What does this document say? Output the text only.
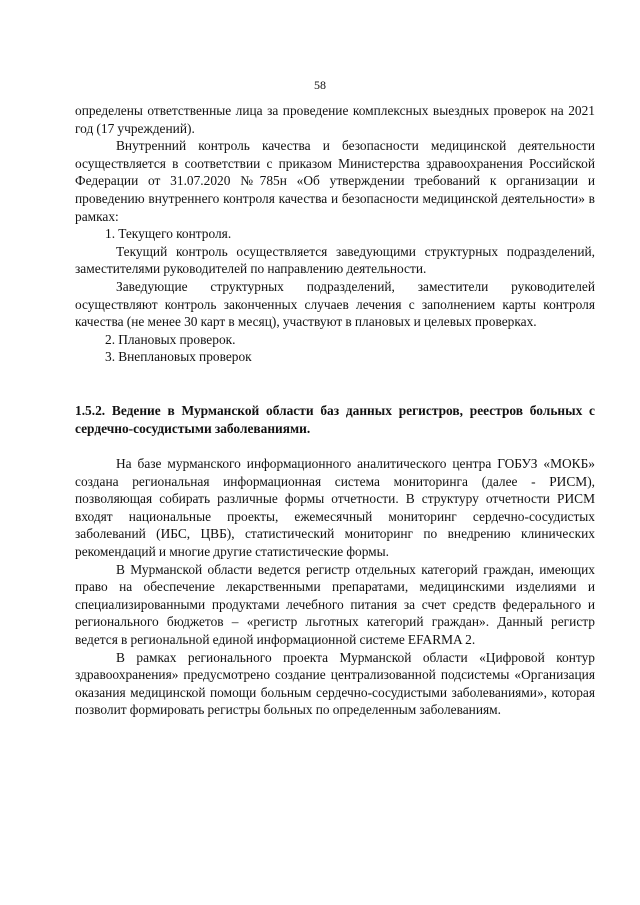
58

определены ответственные лица за проведение комплексных выездных проверок на 2021 год (17 учреждений).

Внутренний контроль качества и безопасности медицинской деятельности осуществляется в соответствии с приказом Министерства здравоохранения Российской Федерации от 31.07.2020 №785н «Об утверждении требований к организации и проведению внутреннего контроля качества и безопасности медицинской деятельности» в рамках:

1. Текущего контроля.

Текущий контроль осуществляется заведующими структурных подразделений, заместителями руководителей по направлению деятельности.

Заведующие структурных подразделений, заместители руководителей осуществляют контроль законченных случаев лечения с заполнением карты контроля качества (не менее 30 карт в месяц), участвуют в плановых и целевых проверках.

2. Плановых проверок.

3. Внеплановых проверок

1.5.2. Ведение в Мурманской области баз данных регистров, реестров больных с сердечно-сосудистыми заболеваниями.

На базе мурманского информационного аналитического центра ГОБУЗ «МОКБ» создана региональная информационная система мониторинга (далее - РИСМ), позволяющая собирать различные формы отчетности. В структуру отчетности РИСМ входят национальные проекты, ежемесячный мониторинг сердечно-сосудистых заболеваний (ИБС, ЦВБ), статистический мониторинг по внедрению клинических рекомендаций и многие другие статистические формы.

В Мурманской области ведется регистр отдельных категорий граждан, имеющих право на обеспечение лекарственными препаратами, медицинскими изделиями и специализированными продуктами лечебного питания за счет средств федерального и регионального бюджетов – «регистр льготных категорий граждан». Данный регистр ведется в региональной единой информационной системе EFARMA 2.

В рамках регионального проекта Мурманской области «Цифровой контур здравоохранения» предусмотрено создание централизованной подсистемы «Организация оказания медицинской помощи больным сердечно-сосудистыми заболеваниями», которая позволит формировать регистры больных по определенным заболеваниям.
